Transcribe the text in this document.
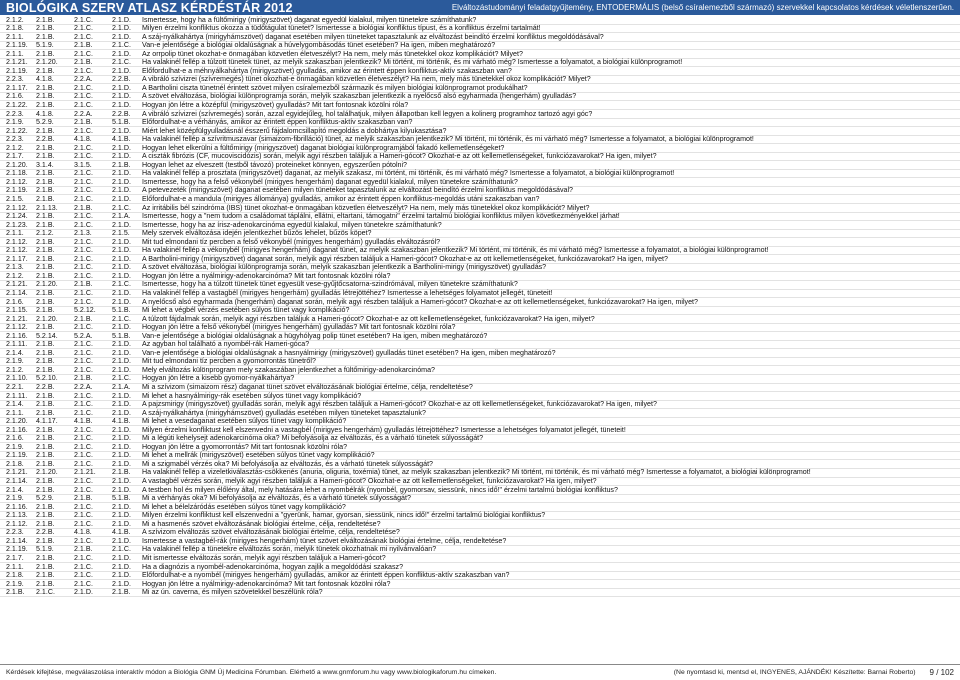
BIOLÓGIKA SZERV ATLASZ KÉRDÉSTÁR 2012	Elváltozástudományi feladatgyűjtemény, ENTODERMÁLIS (belső csíralemezből származó) szervekkel kapcsolatos kérdések véletlenszerűen.
2.1.2.	2.1.B.	2.1.C.	2.1.D.	Ismertesse, hogy ha a fültőmirigy (mirigyszövet) daganat egyedül kialakul, milyen tünetekre számíthatunk?
2.1.8.	2.1.B.	2.1.C.	2.1.D.	Milyen érzelmi konfliktus okozza a tüdőtágulat tünetet? Ismertesse a biológiai konfliktus típust, és a konfliktus érzelmi tartalmát!
2.1.1.	2.1.B.	2.1.C.	2.1.D.	A száj-nyálkahártya (mirigyhámszövet) daganat esetében milyen tüneteket tapasztalunk az elváltozást beindító érzelmi konfliktus megoldódásával?
2.1.19.	5.1.9.	2.1.B.	2.1.C.	Van-e jelentősége a biológiai oldalúságnak a húvelygombásodás tünet esetében? Ha igen, miben meghatározó?
2.1.1.	2.1.B.	2.1.C.	2.1.D.	Az orrpolip tünet okozhat-e önmagában közvetlen életveszélyt? Ha nem, mely más tünetekkel okoz komplikációt? Milyet?
2.1.21.	2.1.20.	2.1.B.	2.1.C.	Ha valakinél fellép a túlzott tünetek tünet, az melyik szakaszban jelentkezik? Mi történt, mi történik, és mi várható még? Ismertesse a folyamatot, a biológiai különprogramot!
2.1.19.	2.1.B.	2.1.C.	2.1.D.	Előfordulhat-e a méhnyálkahártya (mirigyszövet) gyulladás, amikor az érintett éppen konfliktus-aktív szakaszban van?
2.2.3.	4.1.8.	2.2.A.	2.2.B.	A vibráló szívizrei (szívremegés) tünet okozhat-e önmagában közvetlen életveszélyt? Ha nem, mely más tünetekkel okoz komplikációt? Milyet?
2.1.17.	2.1.B.	2.1.C.	2.1.D.	A Bartholini ciszta tünetnél érintett szövet milyen csíralemezből származik és milyen biológiai különprogramot produkálhat?
2.1.6.	2.1.B.	2.1.C.	2.1.D.	A szövet elváltozása, biológiai különprogramja során, melyik szakaszban jelentkezik a nyelőcső alsó egyharmada (hengerhám) gyulladás?
2.1.22.	2.1.B.	2.1.C.	2.1.D.	Hogyan jön létre a középfül (mirigyszövet) gyulladás? Mit tart fontosnak közölni róla?
2.2.3.	4.1.8.	2.2.A.	2.2.B.	A vibráló szívizrei (szívremegés) során, azzal egyidejűleg, hol találhatjuk, milyen állapotban kell legyen a kolinerg programhoz tartozó agyi góc?
2.1.9.	5.2.9.	2.1.B.	5.1.B.	Előfordulhat-e a vérhányás, amikor az érintett éppen konfliktus-aktív szakaszban van?
2.1.22.	2.1.B.	2.1.C.	2.1.D.	Miért lehet középfülgyulladásnál ésszerű fájdalomcsillapító megoldás a dobhártya kilyukasztása?
2.2.3.	2.2.B.	4.1.8.	4.1.B.	Ha valakinél fellép a szívritmuszavar (simaizom-fibrilláció) tünet, az melyik szakaszban jelentkezik? Mi történt, mi történik, és mi várható még? Ismertesse a folyamatot, a biológiai különprogramot!
2.1.2.	2.1.B.	2.1.C.	2.1.D.	Hogyan lehet elkerülni a fültőmirigy (mirigyszövet) daganat biológiai különprogramjából fakadó kellemetlenségeket?
2.1.7.	2.1.B.	2.1.C.	2.1.D.	A ciszták fibrózis (CF, mucoviscidózis) során, melyik agyi részben találjuk a Hameri-gócot? Okozhat-e az ott kellemetlenségeket, funkciózavarokat? Ha igen, milyet?
2.1.20.	3.1.4.	3.1.5.	2.1.B.	Hogyan lehet az elveszett (testből távozó) proteineket könnyen, egyszerűen pótolni?
2.1.18.	2.1.B.	2.1.C.	2.1.D.	Ha valakinél fellép a prosztata (mirigyszövet) daganat, az melyik szakasz, mi történt, mi történik, és mi várható még? Ismertesse a folyamatot, a biológiai különprogramot!
2.1.12.	2.1.B.	2.1.C.	2.1.D.	Ismertesse, hogy ha a felső vékonybél (mirigyes hengerhám) daganat egyedül kialakul, milyen tünetekre számíthatunk?
2.1.19.	2.1.B.	2.1.C.	2.1.D.	A petevezeték (mirigyszövet) daganat esetében milyen tüneteket tapasztalunk az elváltozást beindító érzelmi konfliktus megoldódásával?
2.1.5.	2.1.B.	2.1.C.	2.1.D.	Előfordulhat-e a mandula (mirigyes állománya) gyulladás, amikor az érintett éppen konfliktus-megoldás utáni szakaszban van?
2.1.12.	2.1.13.	2.1.B.	2.1.C.	Az irritábilis bél szindróma (IBS) tünet okozhat-e önmagában közvetlen életveszélyt? Ha nem, mely más tünetekkel okoz komplikációt? Milyet?
2.1.24.	2.1.B.	2.1.C.	2.1.A.	Ismertesse, hogy a "nem tudom a családomat táplálni, ellátni, eltartani, támogatni" érzelmi tartalmú biológiai konfliktus milyen következményekkel járhat!
2.1.23.	2.1.B.	2.1.C.	2.1.D.	Ismertesse, hogy ha az írisz-adenokarcinóma egyedül kialakul, milyen tünetekre számíthatunk?
2.1.1.	2.1.2.	2.1.3.	2.1.5.	Mely szervek elváltozása idején jelentkezhet bűzös lehelet, bűzös köpet?
2.1.12.	2.1.B.	2.1.C.	2.1.D.	Mit tud elmondani tíz percben a felső vékonybél (mirigyes hengerhám) gyulladás elváltozásról?
2.1.12.	2.1.B.	2.1.C.	2.1.D.	Ha valakinél fellép a vékonybél (mirigyes hengerhám) daganat tünet, az melyik szakaszban jelentkezik? Mi történt, mi történik, és mi várható még? Ismertesse a folyamatot, a biológiai különprogramot!
2.1.17.	2.1.B.	2.1.C.	2.1.D.	A Bartholini-mirigy (mirigyszövet) daganat során, melyik agyi részben találjuk a Hameri-gócot? Okozhat-e az ott kellemetlenségeket, funkciózavarokat? Ha igen, milyet?
2.1.3.	2.1.B.	2.1.C.	2.1.D.	A szövet elváltozása, biológiai különprogramja során, melyik szakaszban jelentkezik a Bartholini-mirigy (mirigyszövet) gyulladás?
2.1.2.	2.1.B.	2.1.C.	2.1.D.	Hogyan jön létre a nyálmirigy-adenokarcinóma? Mit tart fontosnak közölni róla?
2.1.21.	2.1.20.	2.1.B.	2.1.C.	Ismertesse, hogy ha a túlzott tünetek tünet egyesült vese-gyűjtőcsatorna-szindrómával, milyen tünetekre számíthatunk?
2.1.14.	2.1.B.	2.1.C.	2.1.D.	Ha valakinél fellép a vastagbél (mirigyes hengerhám) gyulladás létrejöttéhez? Ismertesse a lehetséges folyamatot jellegét, tüneteit!
2.1.6.	2.1.B.	2.1.C.	2.1.D.	A nyelőcső alsó egyharmada (hengerhám) daganat során, melyik agyi részben találjuk a Hameri-gócot? Okozhat-e az ott kellemetlenségeket, funkciózavarokat? Ha igen, milyet?
2.1.15.	2.1.B.	5.2.12.	5.1.B.	Mi lehet a végbél vérzés esetében súlyos tünet vagy komplikáció?
2.1.21.	2.1.20.	2.1.B.	2.1.C.	A túlzott fájdalmak során, melyik agyi részben találjuk a Hameri-gócot? Okozhat-e az ott kellemetlenségeket, funkciózavarokat? Ha igen, milyet?
2.1.12.	2.1.B.	2.1.C.	2.1.D.	Hogyan jön létre a felső vékonybél (mirigyes hengerhám) gyulladás? Mit tart fontosnak közölni róla?
2.1.16.	5.2.14.	5.2.A.	5.1.B.	Van-e jelentősége a biológiai oldalúságnak a hügyhólyag polip tünet esetében? Ha igen, miben meghatározó?
2.1.11.	2.1.B.	2.1.C.	2.1.D.	Az agyban hol található a nyombél-rák Hameri-góca?
2.1.4.	2.1.B.	2.1.C.	2.1.D.	Van-e jelentősége a biológiai oldalúságnak a hasnyálmirigy (mirigyszövet) gyulladás tünet esetében? Ha igen, miben meghatározó?
2.1.9.	2.1.B.	2.1.C.	2.1.D.	Mit tud elmondani tíz percben a gyomorrontás tünetről?
2.1.2.	2.1.B.	2.1.C.	2.1.D.	Mely elváltozás különprogram mely szakaszában jelentkezhet a fültőmirigy-adenokarcinóma?
2.1.10.	5.2.10.	2.1.B.	2.1.C.	Hogyan jön létre a kisebb gyomor-nyálkahártya?
2.2.1.	2.2.B.	2.2.A.	2.1.A.	Mi a szívizom (simaizom rész) daganat tünet szövet elváltozásának biológiai értelme, célja, rendeltetése?
2.1.11.	2.1.B.	2.1.C.	2.1.D.	Mi lehet a hasnyálmirigy-rák esetében súlyos tünet vagy komplikáció?
2.1.4.	2.1.B.	2.1.C.	2.1.D.	A pajzsmirigy (mirigyszövet) gyulladás során, melyik agyi részben találjuk a Hameri-gócot? Okozhat-e az ott kellemetlenségeket, funkciózavarokat? Ha igen, milyet?
2.1.1.	2.1.B.	2.1.C.	2.1.D.	A száj-nyálkahártya (mirigyhámszövet) gyulladás esetében milyen tüneteket tapasztalunk?
2.1.20.	4.1.17.	4.1.B.	4.1.B.	Mi lehet a vesedaganat esetében súlyos tünet vagy komplikáció?
2.1.16.	2.1.B.	2.1.C.	2.1.D.	Milyen érzelmi konfliktust kell elszenvedni a vastagbél (mirigyes hengerhám) gyulladás létrejöttéhez? Ismertesse a lehetséges folyamatot jellegét, tüneteit!
2.1.6.	2.1.B.	2.1.C.	2.1.D.	Mi a légúti kehelysejt adenokarcinóma oka? Mi befolyásolja az elváltozás, és a várható tünetek súlyosságát?
2.1.9.	2.1.B.	2.1.C.	2.1.D.	Hogyan jön létre a gyomorrontás? Mit tart fontosnak közölni róla?
2.1.19.	2.1.B.	2.1.C.	2.1.D.	Mi lehet a mellrák (mirigyszövet) esetében súlyos tünet vagy komplikáció?
2.1.8.	2.1.B.	2.1.C.	2.1.D.	Mi a szigmabél vérzés oka? Mi befolyásolja az elváltozás, és a várható tünetek súlyosságát?
2.1.21.	2.1.20.	2.1.21.	2.1.B.	Ha valakinél fellép a vizeletkiválasztás-csökkenés (anuria, oliguria, toxémia) tünet, az melyik szakaszban jelentkezik? Mi történt, mi történik, és mi várható még? Ismertesse a folyamatot, a biológiai különprogramot!
2.1.14.	2.1.B.	2.1.C.	2.1.D.	A vastagbél vérzés során, melyik agyi részben találjuk a Hameri-gócot? Okozhat-e az ott kellemetlenségeket, funkciózavarokat? Ha igen, milyet?
2.1.4.	2.1.B.	2.1.C.	2.1.D.	A testben hol és milyen élőlény által, mely hatására lehet a nyombélrák (nyombél, gyomorsav, siessünk, nincs idő!" érzelmi tartalmú biológiai konfliktus?
2.1.9.	5.2.9.	2.1.B.	5.1.B.	Mi a vérhányás oka? Mi befolyásolja az elváltozás, és a várható tünetek súlyosságát?
2.1.16.	2.1.B.	2.1.C.	2.1.D.	Mi lehet a bélelzáródás esetében súlyos tünet vagy komplikáció?
2.1.13.	2.1.B.	2.1.C.	2.1.D.	Milyen érzelmi konfliktust kell elszenvedni a "gyerünk, hamar, gyorsan, siessünk, nincs idő!" érzelmi tartalmú biológiai konfliktus?
2.1.12.	2.1.B.	2.1.C.	2.1.D.	Mi a hasmenés szövet elváltozásának biológiai értelme, célja, rendeltetése?
2.2.3.	2.2.B.	4.1.8.	4.1.B.	A szívizom elváltozás szövet elváltozásának biológiai értelme, célja, rendeltetése?
2.1.14.	2.1.B.	2.1.C.	2.1.D.	Ismertesse a vastagbél-rák (mirigyes hengerhám) tünet szövet elváltozásának biológiai értelme, célja, rendeltetése?
2.1.19.	5.1.9.	2.1.B.	2.1.C.	Ha valakinél fellép a tünetekre elváltozás során, melyik tünetek okozhatnak mi nyilvánvalóan?
2.1.7.	2.1.B.	2.1.C.	2.1.D.	Mit ismertesse elváltozás során, melyik agyi részben találjuk a Hameri-gócot?
2.1.1.	2.1.B.	2.1.C.	2.1.D.	Ha a diagnózis a nyombél-adenokarcinóma, hogyan zajlik a megoldódási szakasz?
2.1.8.	2.1.B.	2.1.C.	2.1.D.	Előfordulhat-e a nyombél (mirigyes hengerhám) gyulladás, amikor az érintett éppen konfliktus-aktív szakaszban van?
2.1.9.	2.1.B.	2.1.C.	2.1.D.	Hogyan jön létre a nyálmirigy-adenokarcinóma? Mit tart fontosnak közölni róla?
2.1.B.	2.1.C.	2.1.D.	2.1.B.	Mi az ún. caverna, és milyen szövetekkel beszélünk róla?
Kérdések kifejtése, megválaszolása interaktív módon a Biológia GNM Új Medicina Fórumban. Elérhető a www.gnmforum.hu vagy www.biologikaforum.hu címeken.	(Ne nyomtasd ki, mentsd el, INGYENES, AJÁNDÉK! Készítette: Barnai Roberto) 9 / 102
